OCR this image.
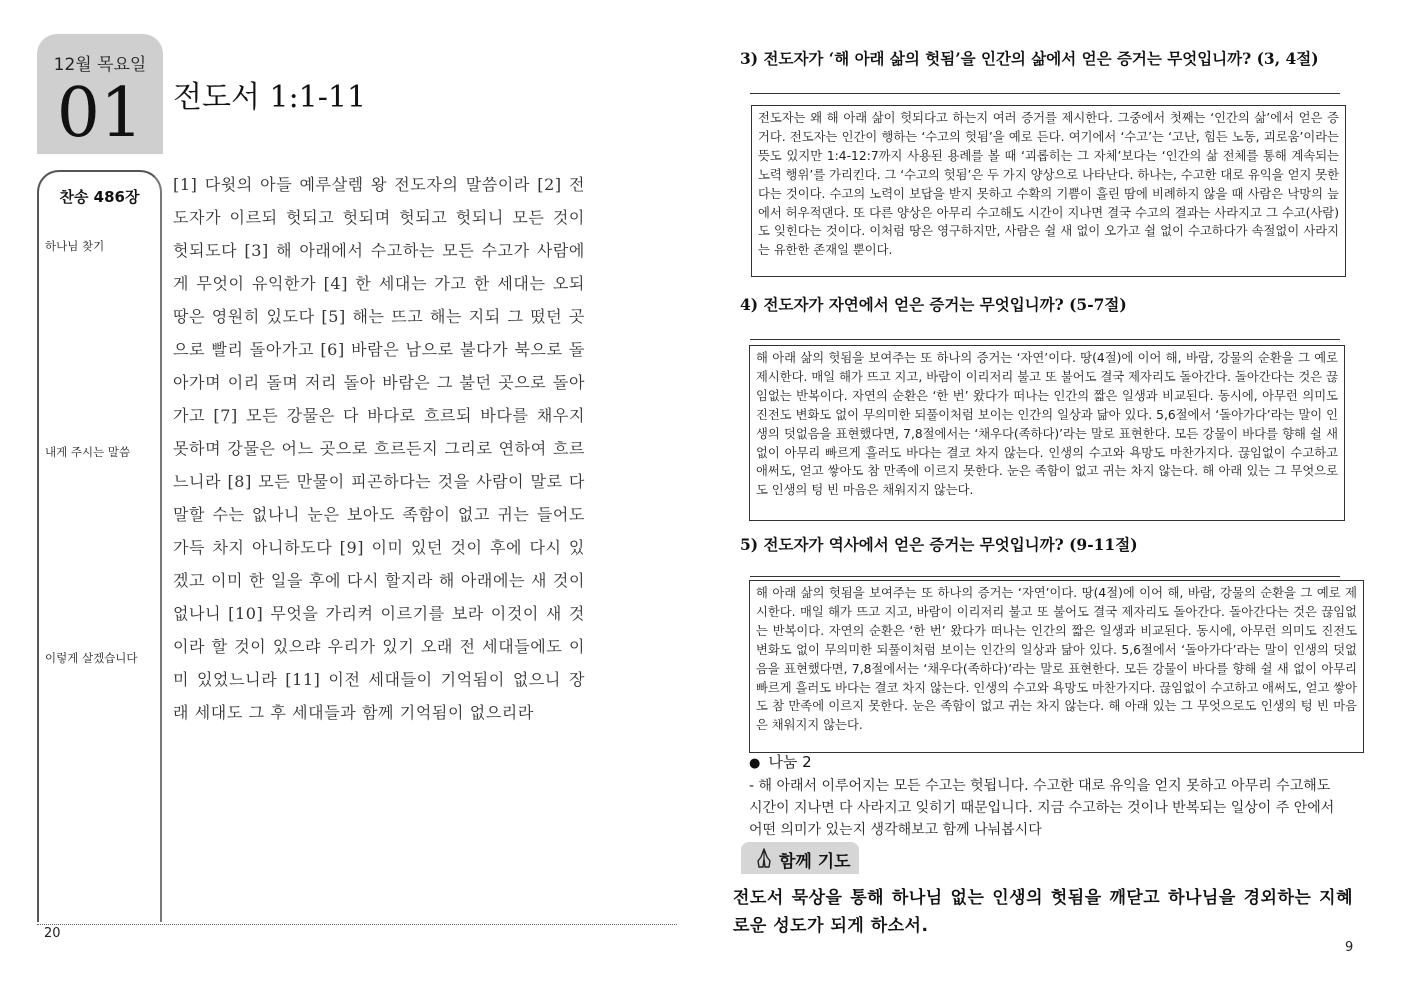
12월 목요일
01 전도서 1:1-11
찬송 486장
하나님 찾기
내게 주시는 말씀
이렇게 살겠습니다
[1] 다윗의 아들 예루살렘 왕 전도자의 말씀이라 [2] 전도자가 이르되 헛되고 헛되며 헛되고 헛되니 모든 것이 헛되도다 [3] 해 아래에서 수고하는 모든 수고가 사람에게 무엇이 유익한가 [4] 한 세대는 가고 한 세대는 오되 땅은 영원히 있도다 [5] 해는 뜨고 해는 지되 그 떴던 곳으로 빨리 돌아가고 [6] 바람은 남으로 불다가 북으로 돌아가며 이리 돌며 저리 돌아 바람은 그 불던 곳으로 돌아가고 [7] 모든 강물은 다 바다로 흐르되 바다를 채우지 못하며 강물은 어느 곳으로 흐르든지 그리로 연하여 흐르느니라 [8] 모든 만물이 피곤하다는 것을 사람이 말로 다 말할 수는 없나니 눈은 보아도 족함이 없고 귀는 들어도 가득 차지 아니하도다 [9] 이미 있던 것이 후에 다시 있겠고 이미 한 일을 후에 다시 할지라 해 아래에는 새 것이 없나니 [10] 무엇을 가리켜 이르기를 보라 이것이 새 것이라 할 것이 있으랴 우리가 있기 오래 전 세대들에도 이미 있었느니라 [11] 이전 세대들이 기억됨이 없으니 장래 세대도 그 후 세대들과 함께 기억됨이 없으리라
20
3) 전도자가 ‘해 아래 삶의 헛됨’을 인간의 삶에서 얻은 증거는 무엇입니까? (3, 4절)
전도자는 왜 해 아래 삶이 헛되다고 하는지 여러 증거를 제시한다. 그중에서 첫째는 ‘인간의 삶’에서 얻은 증거다. 전도자는 인간이 행하는 ‘수고의 헛됨’을 예로 든다. 여기에서 ‘수고’는 ‘고난, 힘든 노동, 괴로움’이라는 뜻도 있지만 1:4-12:7까지 사용된 용례를 볼 때 ‘괴롭히는 그 자체’보다는 ‘인간의 삶 전체를 통해 계속되는 노력 행위’를 가리킨다. 그 ‘수고의 헛됨’은 두 가지 양상으로 나타난다. 하나는, 수고한 대로 유익을 얻지 못한다는 것이다. 수고의 노력이 보답을 받지 못하고 수확의 기쁨이 흘린 땀에 비례하지 않을 때 사람은 낙망의 늪에서 허우적댄다. 또 다른 양상은 아무리 수고해도 시간이 지나면 결국 수고의 결과는 사라지고 그 수고(사람)도 잊힌다는 것이다. 이처럼 땅은 영구하지만, 사람은 쉴 새 없이 오가고 쉴 없이 수고하다가 속절없이 사라지는 유한한 존재일 뿐이다.
4) 전도자가 자연에서 얻은 증거는 무엇입니까? (5-7절)
해 아래 삶의 헛됨을 보여주는 또 하나의 증거는 ‘자연’이다. 땅(4절)에 이어 해, 바람, 강물의 순환을 그 예로 제시한다. 매일 해가 뜨고 지고, 바람이 이리저리 불고 또 불어도 결국 제자리도 돌아간다. 돌아간다는 것은 끊임없는 반복이다. 자연의 순환은 ‘한 번’ 왔다가 떠나는 인간의 짧은 일생과 비교된다. 동시에, 아무런 의미도 진전도 변화도 없이 무의미한 되풀이처럼 보이는 인간의 일상과 닮아 있다. 5,6절에서 ‘돌아가다’라는 말이 인생의 덧없음을 표현했다면, 7,8절에서는 ‘채우다(족하다)’라는 말로 표현한다. 모든 강물이 바다를 향해 쉴 새 없이 아무리 빠르게 흘러도 바다는 결코 차지 않는다. 인생의 수고와 욕망도 마찬가지다. 끊임없이 수고하고 애써도, 얻고 쌓아도 참 만족에 이르지 못한다. 눈은 족함이 없고 귀는 차지 않는다. 해 아래 있는 그 무엇으로도 인생의 텅 빈 마음은 채워지지 않는다.
5) 전도자가 역사에서 얻은 증거는 무엇입니까? (9-11절)
해 아래 삶의 헛됨을 보여주는 또 하나의 증거는 ‘자연’이다. 땅(4절)에 이어 해, 바람, 강물의 순환을 그 예로 제시한다. 매일 해가 뜨고 지고, 바람이 이리저리 불고 또 불어도 결국 제자리도 돌아간다. 돌아간다는 것은 끊임없는 반복이다. 자연의 순환은 ‘한 번’ 왔다가 떠나는 인간의 짧은 일생과 비교된다. 동시에, 아무런 의미도 진전도 변화도 없이 무의미한 되풀이처럼 보이는 인간의 일상과 닮아 있다. 5,6절에서 ‘돌아가다’라는 말이 인생의 덧없음을 표현했다면, 7,8절에서는 ‘채우다(족하다)’라는 말로 표현한다. 모든 강물이 바다를 향해 쉴 새 없이 아무리 빠르게 흘러도 바다는 결코 차지 않는다. 인생의 수고와 욕망도 마찬가지다. 끊임없이 수고하고 애써도, 얻고 쌓아도 참 만족에 이르지 못한다. 눈은 족함이 없고 귀는 차지 않는다. 해 아래 있는 그 무엇으로도 인생의 텅 빈 마음은 채워지지 않는다.
● 나눔 2
- 해 아래서 이루어지는 모든 수고는 헛됩니다. 수고한 대로 유익을 얻지 못하고 아무리 수고해도 시간이 지나면 다 사라지고 잊히기 때문입니다. 지금 수고하는 것이나 반복되는 일상이 주 안에서 어떤 의미가 있는지 생각해보고 함께 나눠봅시다
함께 기도
전도서 묵상을 통해 하나님 없는 인생의 헛됨을 깨닫고 하나님을 경외하는 지혜로운 성도가 되게 하소서.
9
